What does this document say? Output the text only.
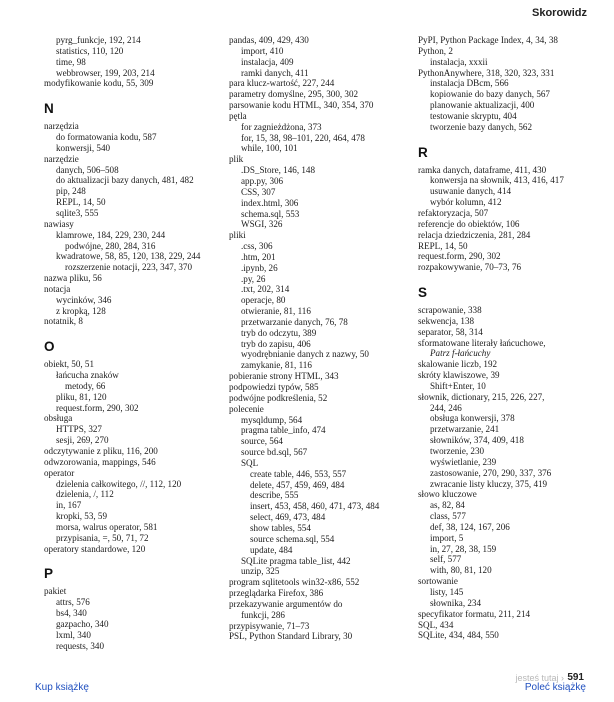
Skorowidz
pyrg_funkcje, 192, 214
statistics, 110, 120
time, 98
webbrowser, 199, 203, 214
modyfikowanie kodu, 55, 309
N
narzędzia
do formatowania kodu, 587
konwersji, 540
narzędzie
danych, 506–508
do aktualizacji bazy danych, 481, 482
pip, 248
REPL, 14, 50
sqlite3, 555
nawiasy
klamrowe, 184, 229, 230, 244
podwójne, 280, 284, 316
kwadratowe, 58, 85, 120, 138, 229, 244
rozszerzenie notacji, 223, 347, 370
nazwa pliku, 56
notacja
wycinków, 346
z kropką, 128
notatnik, 8
O
obiekt, 50, 51
łańcucha znaków
metody, 66
pliku, 81, 120
request.form, 290, 302
obsługa
HTTPS, 327
sesji, 269, 270
odczytywanie z pliku, 116, 200
odwzorowania, mappings, 546
operator
dzielenia całkowitego, //, 112, 120
dzielenia, /, 112
in, 167
kropki, 53, 59
morsa, walrus operator, 581
przypisania, =, 50, 71, 72
operatory standardowe, 120
P
pakiet
attrs, 576
bs4, 340
gazpacho, 340
lxml, 340
requests, 340
pandas, 409, 429, 430
import, 410
instalacja, 409
ramki danych, 411
para klucz-wartość, 227, 244
parametry domyślne, 295, 300, 302
parsowanie kodu HTML, 340, 354, 370
pętla
for zagnieżdżona, 373
for, 15, 38, 98–101, 220, 464, 478
while, 100, 101
plik
.DS_Store, 146, 148
app.py, 306
CSS, 307
index.html, 306
schema.sql, 553
WSGI, 326
pliki
.css, 306
.htm, 201
.ipynb, 26
.py, 26
.txt, 202, 314
operacje, 80
otwieranie, 81, 116
przetwarzanie danych, 76, 78
tryb do odczytu, 389
tryb do zapisu, 406
wyodrębnianie danych z nazwy, 50
zamykanie, 81, 116
pobieranie strony HTML, 343
podpowiedzi typów, 585
podwójne podkreślenia, 52
polecenie
mysqldump, 564
pragma table_info, 474
source, 564
source bd.sql, 567
SQL
create table, 446, 553, 557
delete, 457, 459, 469, 484
describe, 555
insert, 453, 458, 460, 471, 473, 484
select, 469, 473, 484
show tables, 554
source schema.sql, 554
update, 484
SQLite pragma table_list, 442
unzip, 325
program sqlitetools win32-x86, 552
przeglądarka Firefox, 386
przekazywanie argumentów do
funkcji, 286
przypisywanie, 71–73
PSL, Python Standard Library, 30
PyPI, Python Package Index, 4, 34, 38
Python, 2
instalacja, xxxii
PythonAnywhere, 318, 320, 323, 331
instalacja DBcm, 566
kopiowanie do bazy danych, 567
planowanie aktualizacji, 400
testowanie skryptu, 404
tworzenie bazy danych, 562
R
ramka danych, dataframe, 411, 430
konwersja na słownik, 413, 416, 417
usuwanie danych, 414
wybór kolumn, 412
refaktoryzacja, 507
referencje do obiektów, 106
relacja dziedziczenia, 281, 284
REPL, 14, 50
request.form, 290, 302
rozpakowywanie, 70–73, 76
S
scrapowanie, 338
sekwencja, 138
separator, 58, 314
sformatowane literały łańcuchowe,
Patrz f-łańcuchy
skalowanie liczb, 192
skróty klawiszowe, 39
Shift+Enter, 10
słownik, dictionary, 215, 226, 227,
244, 246
obsługa konwersji, 378
przetwarzanie, 241
słowników, 374, 409, 418
tworzenie, 230
wyświetlanie, 239
zastosowanie, 270, 290, 337, 376
zwracanie listy kluczy, 375, 419
słowo kluczowe
as, 82, 84
class, 577
def, 38, 124, 167, 206
import, 5
in, 27, 28, 38, 159
self, 577
with, 80, 81, 120
sortowanie
listy, 145
słownika, 234
specyfikator formatu, 211, 214
SQL, 434
SQLite, 434, 484, 550
jesteś tutaj › 591
Kup książkę	Poleć książkę
